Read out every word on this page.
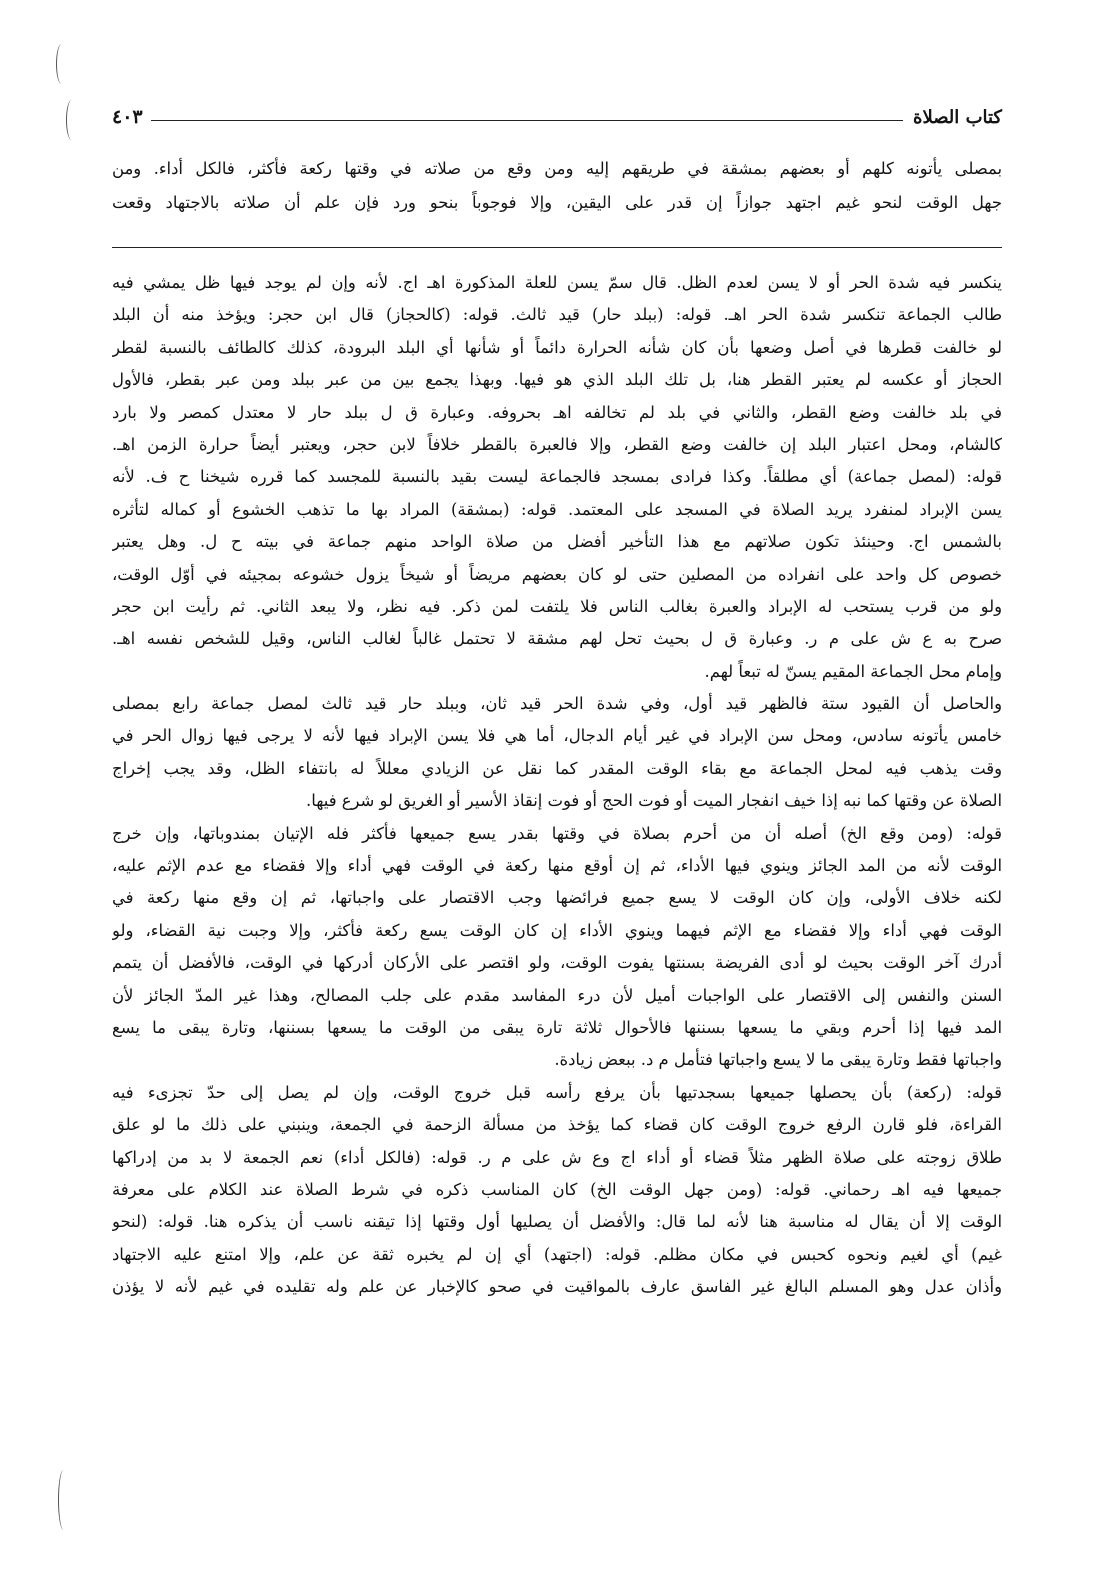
كتاب الصلاة
٤٠٣
بمصلى يأتونه كلهم أو بعضهم بمشقة في طريقهم إليه ومن وقع من صلاته في وقتها ركعة فأكثر، فالكل أداء. ومن
جهل الوقت لنحو غيم اجتهد جوازاً إن قدر على اليقين، وإلا فوجوباً بنحو ورد فإن علم أن صلاته بالاجتهاد وقعت
ينكسر فيه شدة الحر أو لا يسن لعدم الظل. قال سمّ يسن للعلة المذكورة اهـ اج. لأنه وإن لم يوجد فيها ظل يمشي فيه
طالب الجماعة تنكسر شدة الحر اهـ. قوله: (ببلد حار) قيد ثالث. قوله: (كالحجاز) قال ابن حجر: ويؤخذ منه أن البلد
لو خالفت قطرها في أصل وضعها بأن كان شأنه الحرارة دائماً أو شأنها أي البلد البرودة، كذلك كالطائف بالنسبة لقطر
الحجاز أو عكسه لم يعتبر القطر هنا، بل تلك البلد الذي هو فيها. وبهذا يجمع بين من عبر ببلد ومن عبر بقطر، فالأول
في بلد خالفت وضع القطر، والثاني في بلد لم تخالفه اهـ بحروفه. وعبارة ق ل ببلد حار لا معتدل كمصر ولا بارد
كالشام، ومحل اعتبار البلد إن خالفت وضع القطر، وإلا فالعبرة بالقطر خلافاً لابن حجر، ويعتبر أيضاً حرارة الزمن اهـ.
قوله: (لمصل جماعة) أي مطلقاً. وكذا فرادى بمسجد فالجماعة ليست بقيد بالنسبة للمجسد كما قرره شيخنا ح ف. لأنه
يسن الإبراد لمنفرد يريد الصلاة في المسجد على المعتمد. قوله: (بمشقة) المراد بها ما تذهب الخشوع أو كماله لتأثره
بالشمس اج. وحينئذ تكون صلاتهم مع هذا التأخير أفضل من صلاة الواحد منهم جماعة في بيته ح ل. وهل يعتبر
خصوص كل واحد على انفراده من المصلين حتى لو كان بعضهم مريضاً أو شيخاً يزول خشوعه بمجيئه في أوّل الوقت،
ولو من قرب يستحب له الإبراد والعبرة بغالب الناس فلا يلتفت لمن ذكر. فيه نظر، ولا يبعد الثاني. ثم رأيت ابن حجر
صرح به ع ش على م ر. وعبارة ق ل بحيث تحل لهم مشقة لا تحتمل غالباً لغالب الناس، وقيل للشخص نفسه اهـ.
وإمام محل الجماعة المقيم يسنّ له تبعاً لهم.
والحاصل أن القيود ستة فالظهر قيد أول، وفي شدة الحر قيد ثان، وببلد حار قيد ثالث لمصل جماعة رابع بمصلى
خامس يأتونه سادس، ومحل سن الإبراد في غير أيام الدجال، أما هي فلا يسن الإبراد فيها لأنه لا يرجى فيها زوال الحر في
وقت يذهب فيه لمحل الجماعة مع بقاء الوقت المقدر كما نقل عن الزيادي معللاً له بانتفاء الظل، وقد يجب إخراج
الصلاة عن وقتها كما نبه إذا خيف انفجار الميت أو فوت الحج أو فوت إنقاذ الأسير أو الغريق لو شرع فيها.
قوله: (ومن وقع الخ) أصله أن من أحرم بصلاة في وقتها بقدر يسع جميعها فأكثر فله الإتيان بمندوباتها، وإن خرج
الوقت لأنه من المد الجائز وينوي فيها الأداء، ثم إن أوقع منها ركعة في الوقت فهي أداء وإلا فقضاء مع عدم الإثم عليه،
لكنه خلاف الأولى، وإن كان الوقت لا يسع جميع فرائضها وجب الاقتصار على واجباتها، ثم إن وقع منها ركعة في
الوقت فهي أداء وإلا فقضاء مع الإثم فيهما وينوي الأداء إن كان الوقت يسع ركعة فأكثر، وإلا وجبت نية القضاء، ولو
أدرك آخر الوقت بحيث لو أدى الفريضة بسنتها يفوت الوقت، ولو اقتصر على الأركان أدركها في الوقت، فالأفضل أن يتمم
السنن والنفس إلى الاقتصار على الواجبات أميل لأن درء المفاسد مقدم على جلب المصالح، وهذا غير المدّ الجائز لأن
المد فيها إذا أحرم وبقي ما يسعها بسننها فالأحوال ثلاثة تارة يبقى من الوقت ما يسعها بسننها، وتارة يبقى ما يسع
واجباتها فقط وتارة يبقى ما لا يسع واجباتها فتأمل م د. ببعض زيادة.
قوله: (ركعة) بأن يحصلها جميعها بسجدتيها بأن يرفع رأسه قبل خروج الوقت، وإن لم يصل إلى حدّ تجزىء فيه
القراءة، فلو قارن الرفع خروج الوقت كان قضاء كما يؤخذ من مسألة الزحمة في الجمعة، وينبني على ذلك ما لو علق
طلاق زوجته على صلاة الظهر مثلاً قضاء أو أداء اج وع ش على م ر. قوله: (فالكل أداء) نعم الجمعة لا بد من إدراكها
جميعها فيه اهـ رحماني. قوله: (ومن جهل الوقت الخ) كان المناسب ذكره في شرط الصلاة عند الكلام على معرفة
الوقت إلا أن يقال له مناسبة هنا لأنه لما قال: والأفضل أن يصليها أول وقتها إذا تيقنه ناسب أن يذكره هنا. قوله: (لنحو
غيم) أي لغيم ونحوه كحبس في مكان مظلم. قوله: (اجتهد) أي إن لم يخبره ثقة عن علم، وإلا امتنع عليه الاجتهاد
وأذان عدل وهو المسلم البالغ غير الفاسق عارف بالمواقيت في صحو كالإخبار عن علم وله تقليده في غيم لأنه لا يؤذن
